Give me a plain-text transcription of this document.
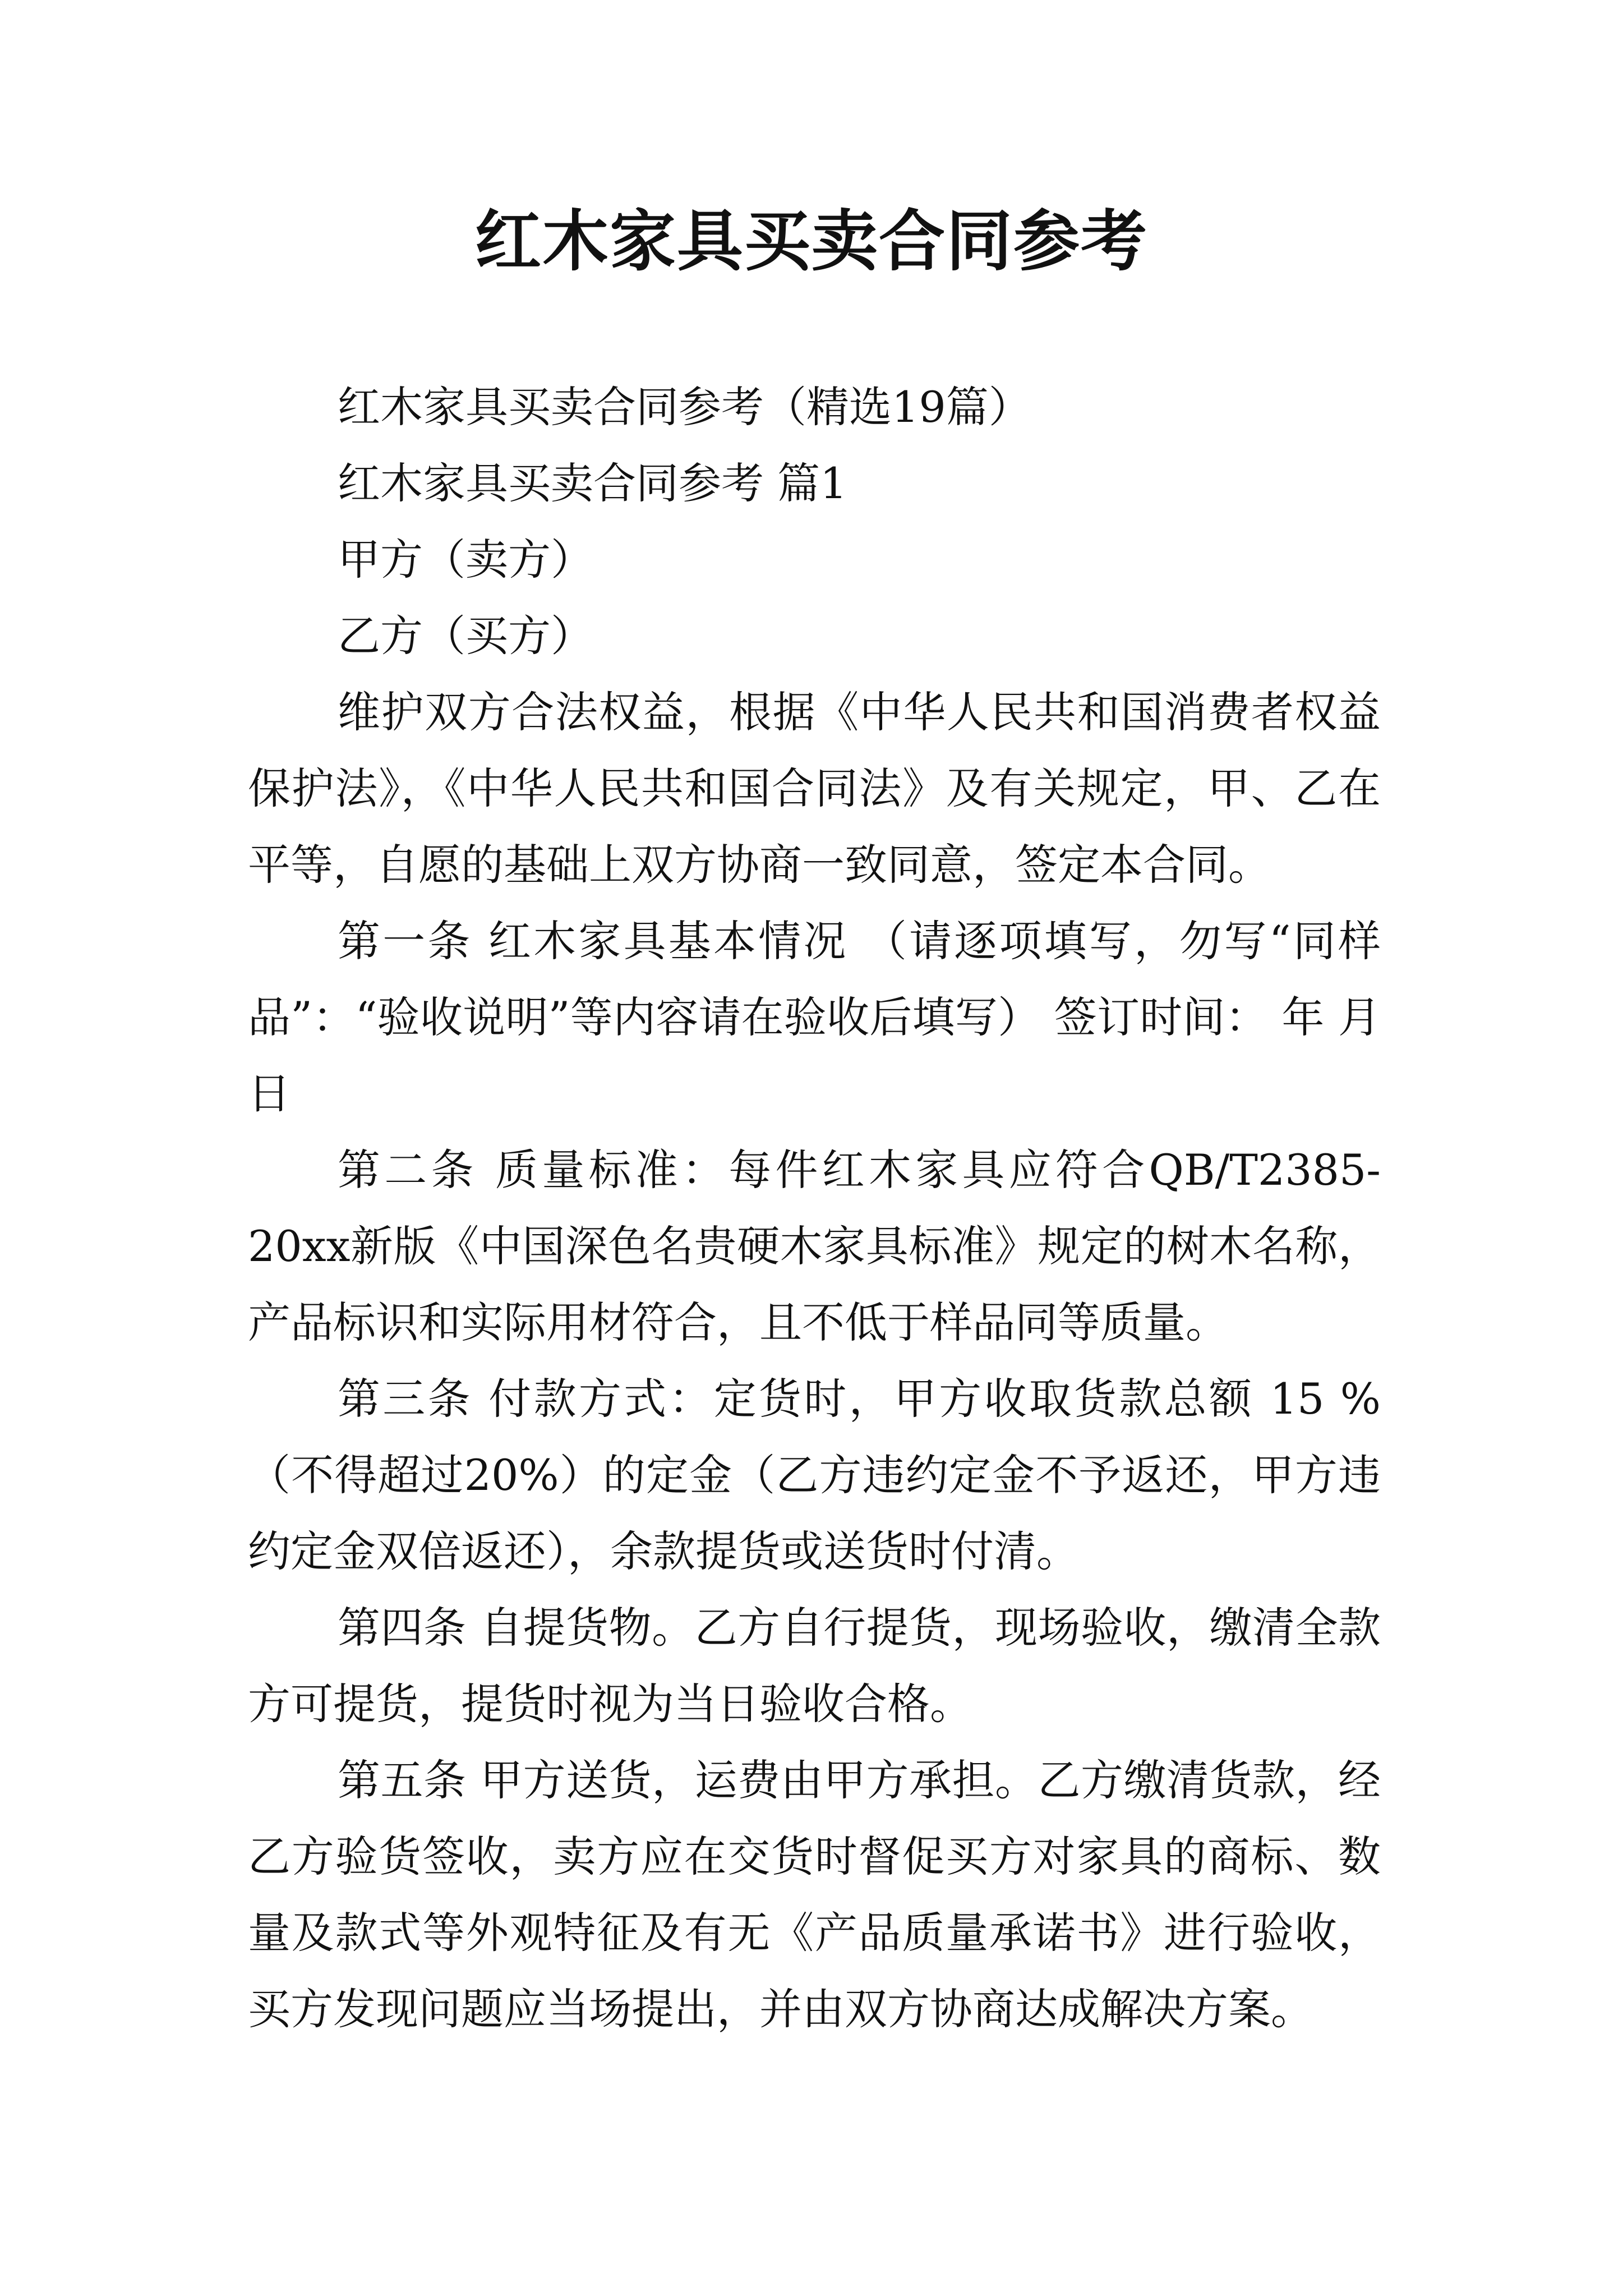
红木家具买卖合同参考

红木家具买卖合同参考（精选19篇）

红木家具买卖合同参考 篇1

甲方（卖方）

乙方（买方）

维护双方合法权益，根据《中华人民共和国消费者权益保护法》，《中华人民共和国合同法》及有关规定，甲、乙在平等，自愿的基础上双方协商一致同意，签定本合同。

第一条 红木家具基本情况 （请逐项填写，勿写“同样品”：“验收说明”等内容请在验收后填写） 签订时间： 年 月 日

第二条 质量标准：每件红木家具应符合QB/T2385-20xx新版《中国深色名贵硬木家具标准》规定的树木名称，产品标识和实际用材符合，且不低于样品同等质量。

第三条 付款方式：定货时，甲方收取货款总额 15 %（不得超过20%）的定金（乙方违约定金不予返还，甲方违约定金双倍返还），余款提货或送货时付清。

第四条 自提货物。乙方自行提货，现场验收，缴清全款方可提货，提货时视为当日验收合格。

第五条 甲方送货，运费由甲方承担。乙方缴清货款，经乙方验货签收，卖方应在交货时督促买方对家具的商标、数量及款式等外观特征及有无《产品质量承诺书》进行验收，买方发现问题应当场提出，并由双方协商达成解决方案。
